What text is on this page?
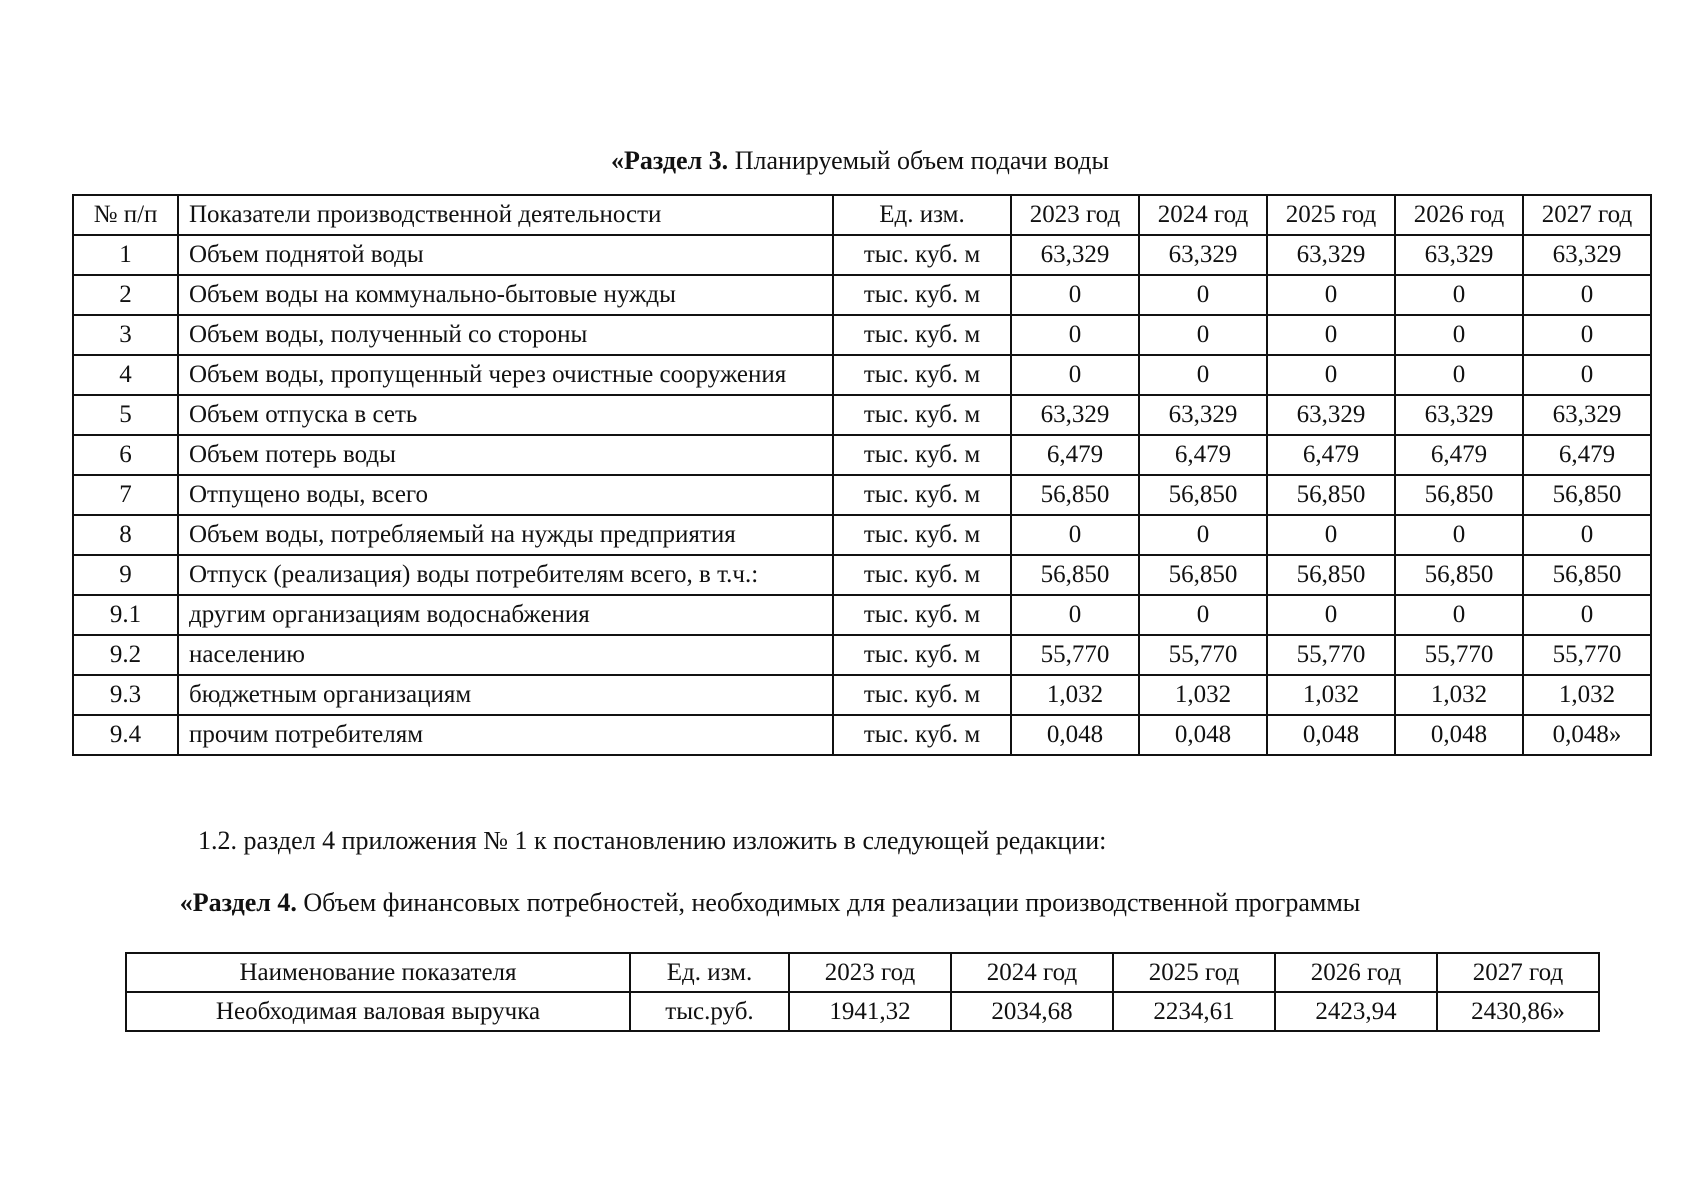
«Раздел 3. Планируемый объем подачи воды
№ п/п	Показатели производственной деятельности	Ед. изм.	2023 год	2024 год	2025 год	2026 год	2027 год
1	Объем поднятой воды	тыс. куб. м	63,329	63,329	63,329	63,329	63,329
2	Объем воды на коммунально-бытовые нужды	тыс. куб. м	0	0	0	0	0
3	Объем воды, полученный со стороны	тыс. куб. м	0	0	0	0	0
4	Объем воды, пропущенный через очистные сооружения	тыс. куб. м	0	0	0	0	0
5	Объем отпуска в сеть	тыс. куб. м	63,329	63,329	63,329	63,329	63,329
6	Объем потерь воды	тыс. куб. м	6,479	6,479	6,479	6,479	6,479
7	Отпущено воды, всего	тыс. куб. м	56,850	56,850	56,850	56,850	56,850
8	Объем воды, потребляемый на нужды предприятия	тыс. куб. м	0	0	0	0	0
9	Отпуск (реализация) воды потребителям всего, в т.ч.:	тыс. куб. м	56,850	56,850	56,850	56,850	56,850
9.1	другим организациям водоснабжения	тыс. куб. м	0	0	0	0	0
9.2	населению	тыс. куб. м	55,770	55,770	55,770	55,770	55,770
9.3	бюджетным организациям	тыс. куб. м	1,032	1,032	1,032	1,032	1,032
9.4	прочим потребителям	тыс. куб. м	0,048	0,048	0,048	0,048	0,048»
1.2. раздел 4 приложения № 1 к постановлению изложить в следующей редакции:
«Раздел 4. Объем финансовых потребностей, необходимых для реализации производственной программы
Наименование показателя	Ед. изм.	2023 год	2024 год	2025 год	2026 год	2027 год
Необходимая валовая выручка	тыс.руб.	1941,32	2034,68	2234,61	2423,94	2430,86»
